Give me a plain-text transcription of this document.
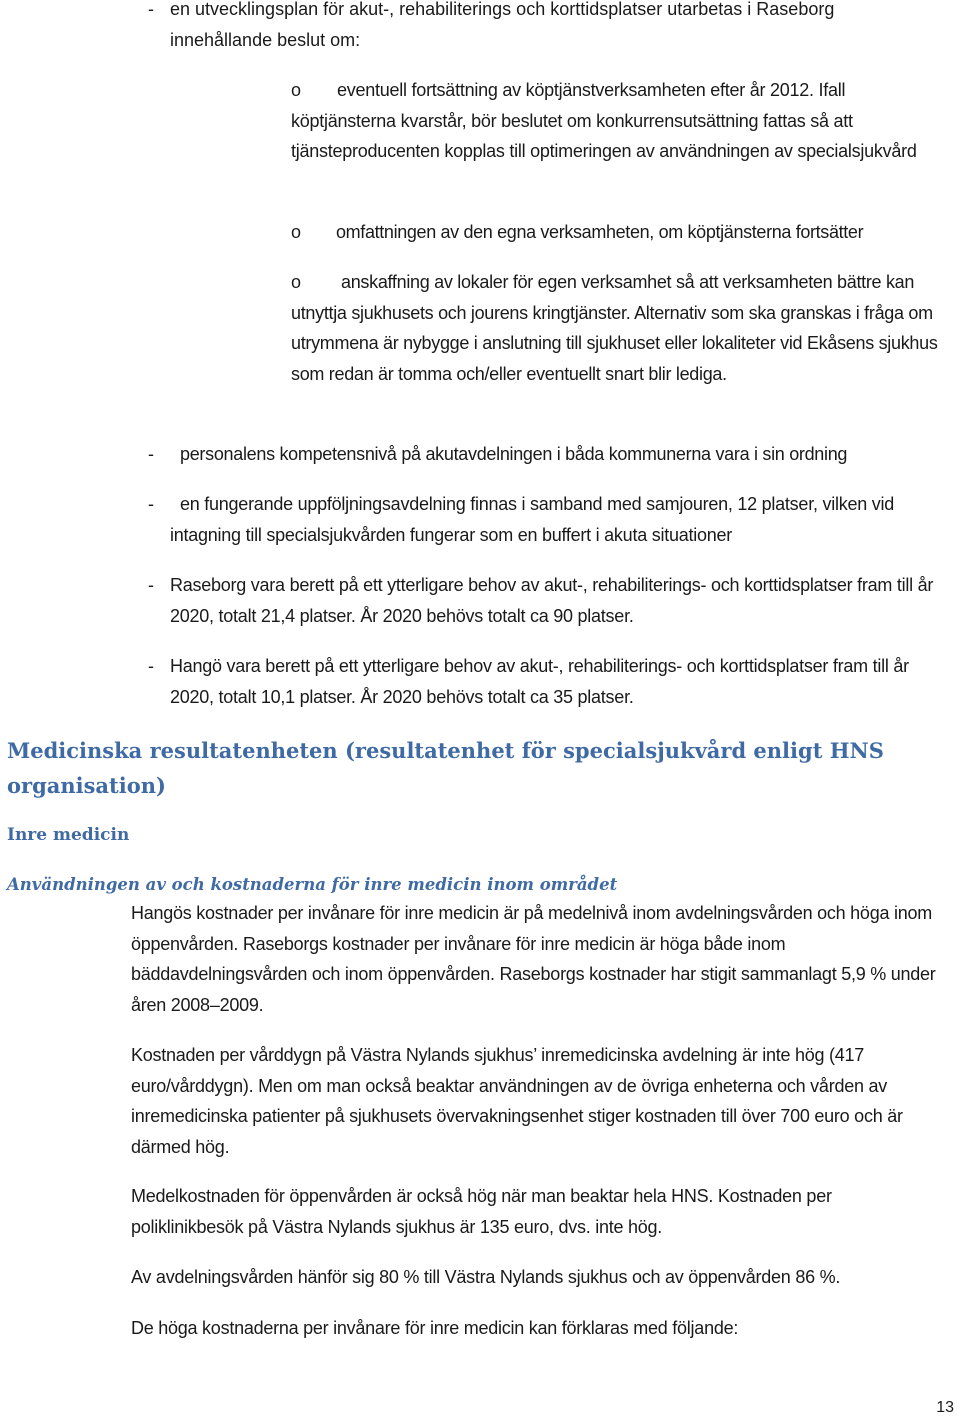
- en utvecklingsplan för akut-, rehabiliterings och korttidsplatser utarbetas i Raseborg innehållande beslut om:

o	eventuell fortsättning av köptjänstverksamheten efter år 2012. Ifall köptjänsterna kvarstår, bör beslutet om konkurrensutsättning fattas så att tjänsteproducenten kopplas till optimeringen av användningen av specialsjukvård

o omfattningen av den egna verksamheten, om köptjänsterna fortsätter

o	anskaffning av lokaler för egen verksamhet så att verksamheten bättre kan utnyttja sjukhusets och jourens kringtjänster. Alternativ som ska granskas i fråga om utrymmena är nybygge i anslutning till sjukhuset eller lokaliteter vid Ekåsens sjukhus som redan är tomma och/eller eventuellt snart blir lediga.

- personalens kompetensnivå på akutavdelningen i båda kommunerna vara i sin ordning

-	en fungerande uppföljningsavdelning finnas i samband med samjouren, 12 platser, vilken vid intagning till specialsjukvården fungerar som en buffert i akuta situationer

- Raseborg vara berett på ett ytterligare behov av akut-, rehabiliterings- och korttidsplatser fram till år 2020, totalt 21,4 platser. År 2020 behövs totalt ca 90 platser.

- Hangö vara berett på ett ytterligare behov av akut-, rehabiliterings- och korttidsplatser fram till år 2020, totalt 10,1 platser. År 2020 behövs totalt ca 35 platser.

Medicinska resultatenheten (resultatenhet för specialsjukvård enligt HNS organisation)
Inre medicin
Användningen av och kostnaderna för inre medicin inom området

Hangös kostnader per invånare för inre medicin är på medelnivå inom avdelningsvården och höga inom öppenvården. Raseborgs kostnader per invånare för inre medicin är höga både inom bäddavdelningsvården och inom öppenvården. Raseborgs kostnader har stigit sammanlagt 5,9 % under åren 2008–2009.

Kostnaden per vårddygn på Västra Nylands sjukhus’ inremedicinska avdelning är inte hög (417 euro/vårddygn). Men om man också beaktar användningen av de övriga enheterna och vården av inremedicinska patienter på sjukhusets övervakningsenhet stiger kostnaden till över 700 euro och är därmed hög.

Medelkostnaden för öppenvården är också hög när man beaktar hela HNS. Kostnaden per poliklinikbesök på Västra Nylands sjukhus är 135 euro, dvs. inte hög.

Av avdelningsvården hänför sig 80 % till Västra Nylands sjukhus och av öppenvården 86 %.

De höga kostnaderna per invånare för inre medicin kan förklaras med följande:

13
